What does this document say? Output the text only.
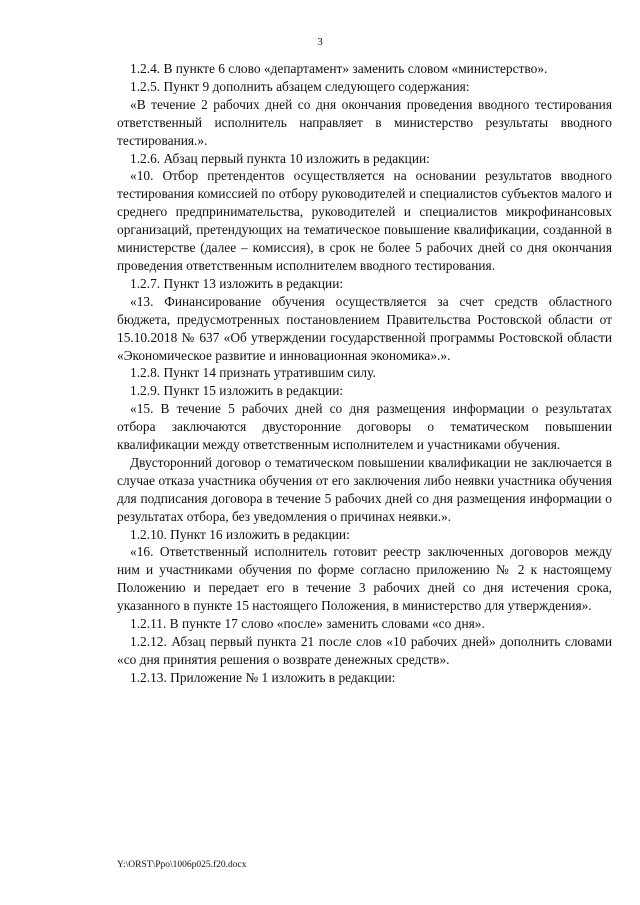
3

1.2.4. В пункте 6 слово «департамент» заменить словом «министерство».

1.2.5. Пункт 9 дополнить абзацем следующего содержания:

«В течение 2 рабочих дней со дня окончания проведения вводного тестирования ответственный исполнитель направляет в министерство результаты вводного тестирования.».

1.2.6. Абзац первый пункта 10 изложить в редакции:

«10. Отбор претендентов осуществляется на основании результатов вводного тестирования комиссией по отбору руководителей и специалистов субъектов малого и среднего предпринимательства, руководителей и специалистов микрофинансовых организаций, претендующих на тематическое повышение квалификации, созданной в министерстве (далее – комиссия), в срок не более 5 рабочих дней со дня окончания проведения ответственным исполнителем вводного тестирования.

1.2.7. Пункт 13 изложить в редакции:

«13. Финансирование обучения осуществляется за счет средств областного бюджета, предусмотренных постановлением Правительства Ростовской области от 15.10.2018 № 637 «Об утверждении государственной программы Ростовской области «Экономическое развитие и инновационная экономика».».

1.2.8. Пункт 14 признать утратившим силу.

1.2.9. Пункт 15 изложить в редакции:

«15. В течение 5 рабочих дней со дня размещения информации о результатах отбора заключаются двусторонние договоры о тематическом повышении квалификации между ответственным исполнителем и участниками обучения.

Двусторонний договор о тематическом повышении квалификации не заключается в случае отказа участника обучения от его заключения либо неявки участника обучения для подписания договора в течение 5 рабочих дней со дня размещения информации о результатах отбора, без уведомления о причинах неявки.».

1.2.10. Пункт 16 изложить в редакции:

«16. Ответственный исполнитель готовит реестр заключенных договоров между ним и участниками обучения по форме согласно приложению № 2 к настоящему Положению и передает его в течение 3 рабочих дней со дня истечения срока, указанного в пункте 15 настоящего Положения, в министерство для утверждения».

1.2.11. В пункте 17 слово «после» заменить словами «со дня».

1.2.12. Абзац первый пункта 21 после слов «10 рабочих дней» дополнить словами «со дня принятия решения о возврате денежных средств».

1.2.13. Приложение № 1 изложить в редакции:

Y:\ORST\Ppo\1006p025.f20.docx
